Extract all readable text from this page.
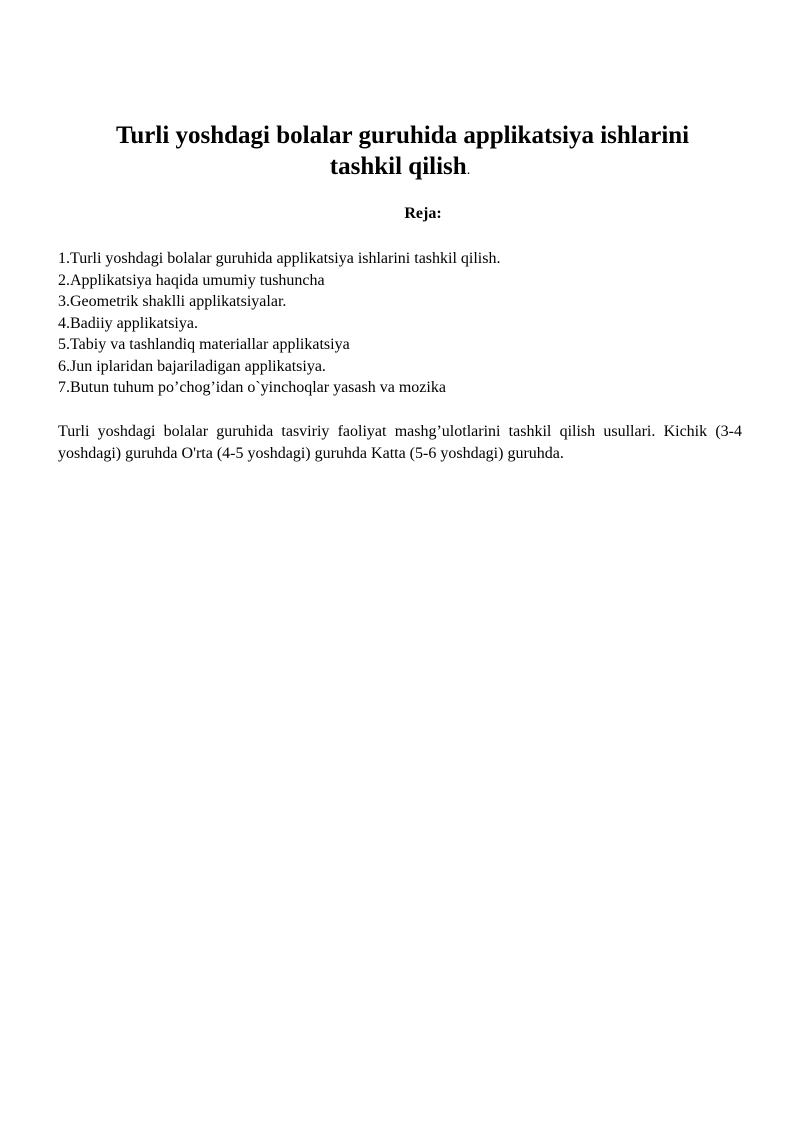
Turli yoshdagi bolalar guruhida applikatsiya ishlarini
tashkil qilish.
Reja:
1.Turli yoshdagi bolalar guruhida applikatsiya ishlarini tashkil qilish.
2.Applikatsiya haqida umumiy tushuncha
3.Geometrik shaklli applikatsiyalar.
4.Badiiy applikatsiya.
5.Tabiy va tashlandiq materiallar applikatsiya
6.Jun iplaridan bajariladigan applikatsiya.
7.Butun tuhum po’chog’idan o`yinchoqlar yasash va mozika

Turli yoshdagi bolalar guruhida tasviriy faoliyat mashg’ulotlarini tashkil qilish usullari. Kichik (3-4 yoshdagi) guruhda O'rta (4-5 yoshdagi) guruhda Katta (5-6 yoshdagi) guruhda.
